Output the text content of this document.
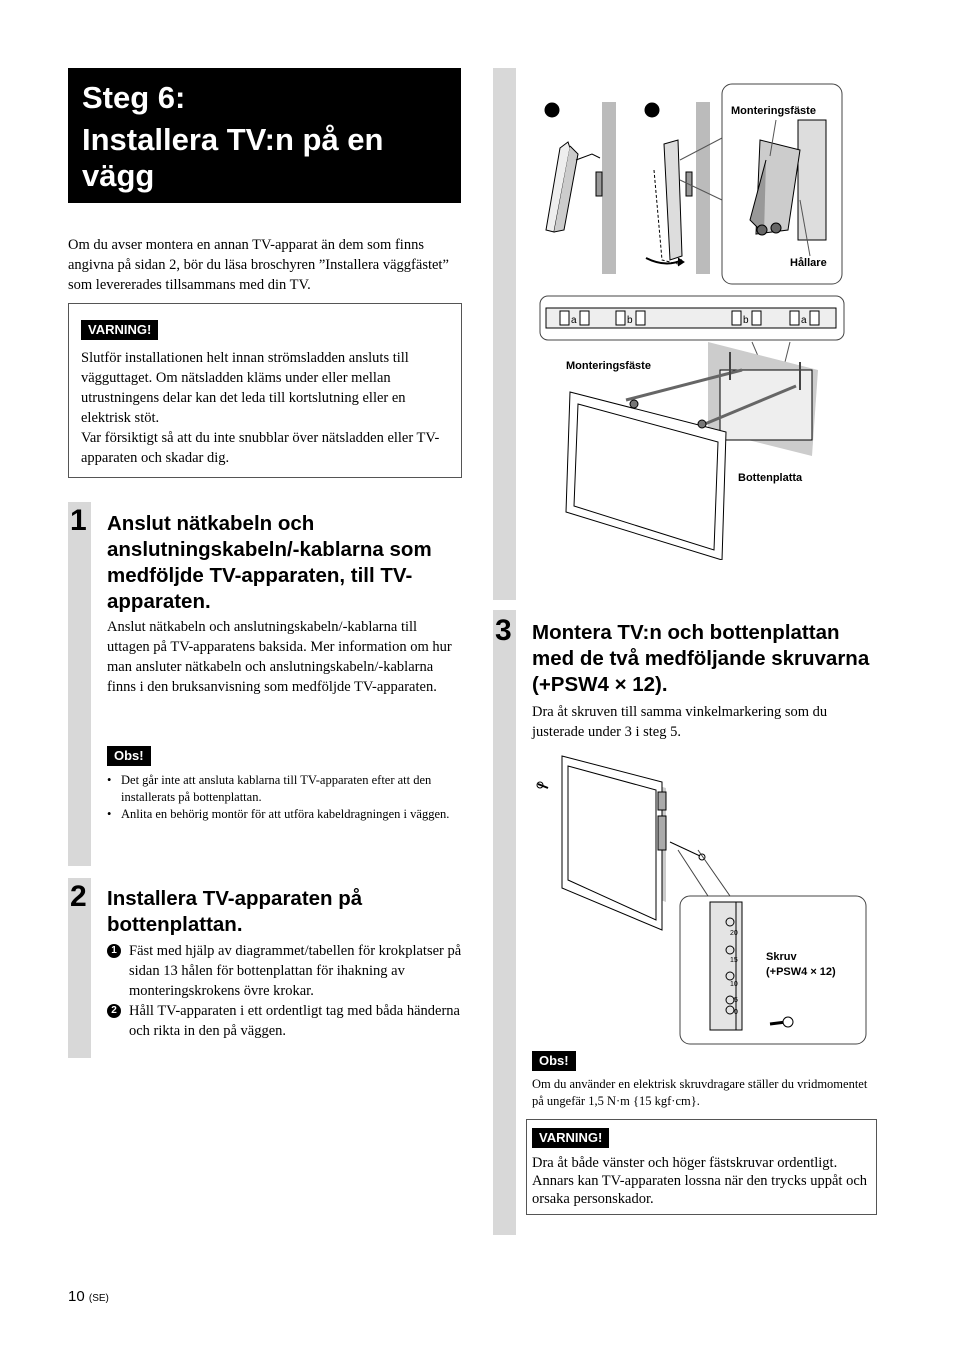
Steg 6:
Installera TV:n på en vägg
Om du avser montera en annan TV-apparat än dem som finns angivna på sidan 2, bör du läsa broschyren ”Installera väggfästet” som levererades tillsammans med din TV.
VARNING!
Slutför installationen helt innan strömsladden ansluts till vägguttaget. Om nätsladden kläms under eller mellan utrustningens delar kan det leda till kortslutning eller en elektrisk stöt.
Var försiktigt så att du inte snubblar över nätsladden eller TV-apparaten och skadar dig.
1 Anslut nätkabeln och anslutningskabeln/-kablarna som medföljde TV-apparaten, till TV-apparaten.
Anslut nätkabeln och anslutningskabeln/-kablarna till uttagen på TV-apparatens baksida. Mer information om hur man ansluter nätkabeln och anslutningskabeln/-kablarna finns i den bruksanvisning som medföljde TV-apparaten.
Obs!
• Det går inte att ansluta kablarna till TV-apparaten efter att den installerats på bottenplattan.
• Anlita en behörig montör för att utföra kabeldragningen i väggen.
2 Installera TV-apparaten på bottenplattan.
1 Fäst med hjälp av diagrammet/tabellen för krokplatser på sidan 13 hålen för bottenplattan för ihakning av monteringskrokens övre krokar.
2 Håll TV-apparaten i ett ordentligt tag med båda händerna och rikta in den på väggen.
a	b	b	a
Monteringsfäste
Hållare
Monteringsfäste
Bottenplatta
3 Montera TV:n och bottenplattan med de två medföljande skruvarna (+PSW4 × 12).
Dra åt skruven till samma vinkelmarkering som du justerade under 3 i steg 5.
20
15
10
5
0
Skruv
(+PSW4 × 12)
Obs!
Om du använder en elektrisk skruvdragare ställer du vridmomentet på ungefär 1,5 N·m {15 kgf·cm}.
VARNING!
Dra åt både vänster och höger fästskruvar ordentligt. Annars kan TV-apparaten lossna när den trycks uppåt och orsaka personskador.
10 (SE)
